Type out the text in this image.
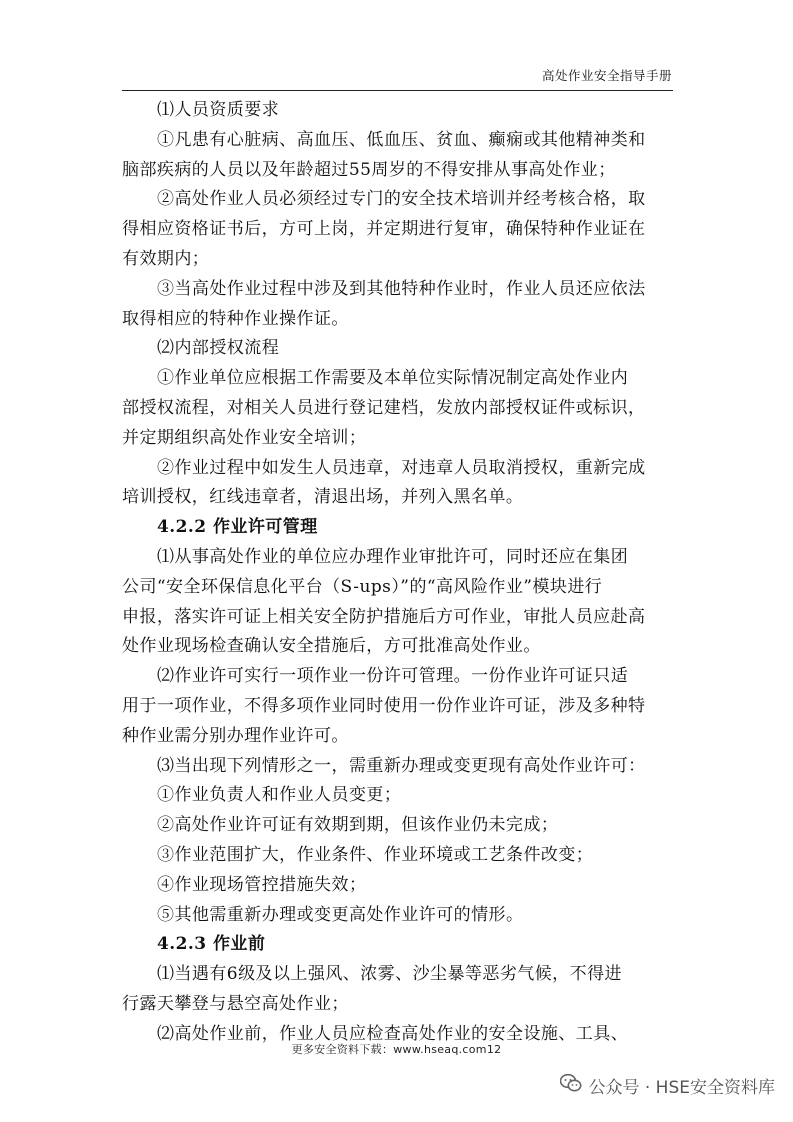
高处作业安全指导手册
⑴人员资质要求
①凡患有心脏病、高血压、低血压、贫血、癫痫或其他精神类和
脑部疾病的人员以及年龄超过55周岁的不得安排从事高处作业；
②高处作业人员必须经过专门的安全技术培训并经考核合格，取
得相应资格证书后，方可上岗，并定期进行复审，确保特种作业证在
有效期内；
③当高处作业过程中涉及到其他特种作业时，作业人员还应依法
取得相应的特种作业操作证。
⑵内部授权流程
①作业单位应根据工作需要及本单位实际情况制定高处作业内
部授权流程，对相关人员进行登记建档，发放内部授权证件或标识，
并定期组织高处作业安全培训；
②作业过程中如发生人员违章，对违章人员取消授权，重新完成
培训授权，红线违章者，清退出场，并列入黑名单。
4.2.2 作业许可管理
⑴从事高处作业的单位应办理作业审批许可，同时还应在集团
公司“安全环保信息化平台（S-ups）”的“高风险作业”模块进行
申报，落实许可证上相关安全防护措施后方可作业，审批人员应赴高
处作业现场检查确认安全措施后，方可批准高处作业。
⑵作业许可实行一项作业一份许可管理。一份作业许可证只适
用于一项作业，不得多项作业同时使用一份作业许可证，涉及多种特
种作业需分别办理作业许可。
⑶当出现下列情形之一，需重新办理或变更现有高处作业许可：
①作业负责人和作业人员变更；
②高处作业许可证有效期到期，但该作业仍未完成；
③作业范围扩大，作业条件、作业环境或工艺条件改变；
④作业现场管控措施失效；
⑤其他需重新办理或变更高处作业许可的情形。
4.2.3 作业前
⑴当遇有6级及以上强风、浓雾、沙尘暴等恶劣气候，不得进
行露天攀登与悬空高处作业；
⑵高处作业前，作业人员应检查高处作业的安全设施、工具、
更多安全资料下载：www.hseaq.com12
公众号 · HSE安全资料库
